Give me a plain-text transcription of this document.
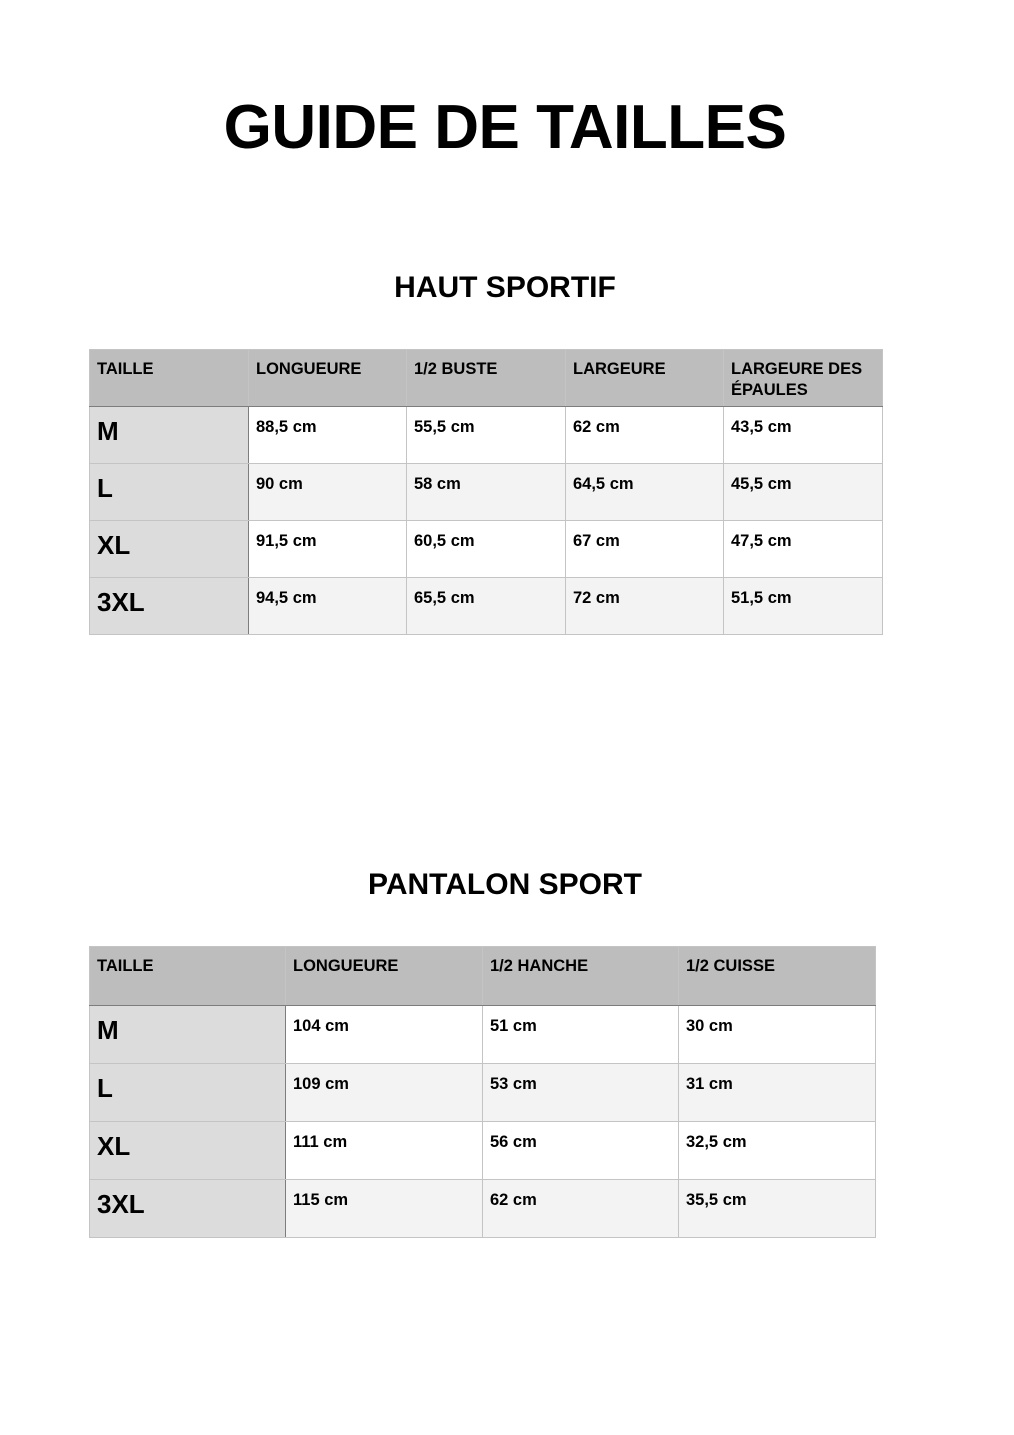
GUIDE DE TAILLES
HAUT SPORTIF
TAILLE	LONGUEURE	1/2 BUSTE	LARGEURE	LARGEURE DES ÉPAULES
M	88,5 cm	55,5 cm	62 cm	43,5 cm
L	90 cm	58 cm	64,5 cm	45,5 cm
XL	91,5 cm	60,5 cm	67 cm	47,5 cm
3XL	94,5 cm	65,5 cm	72 cm	51,5 cm
PANTALON SPORT
TAILLE	LONGUEURE	1/2 HANCHE	1/2 CUISSE
M	104 cm	51 cm	30 cm
L	109 cm	53 cm	31 cm
XL	111 cm	56 cm	32,5 cm
3XL	115 cm	62 cm	35,5 cm
